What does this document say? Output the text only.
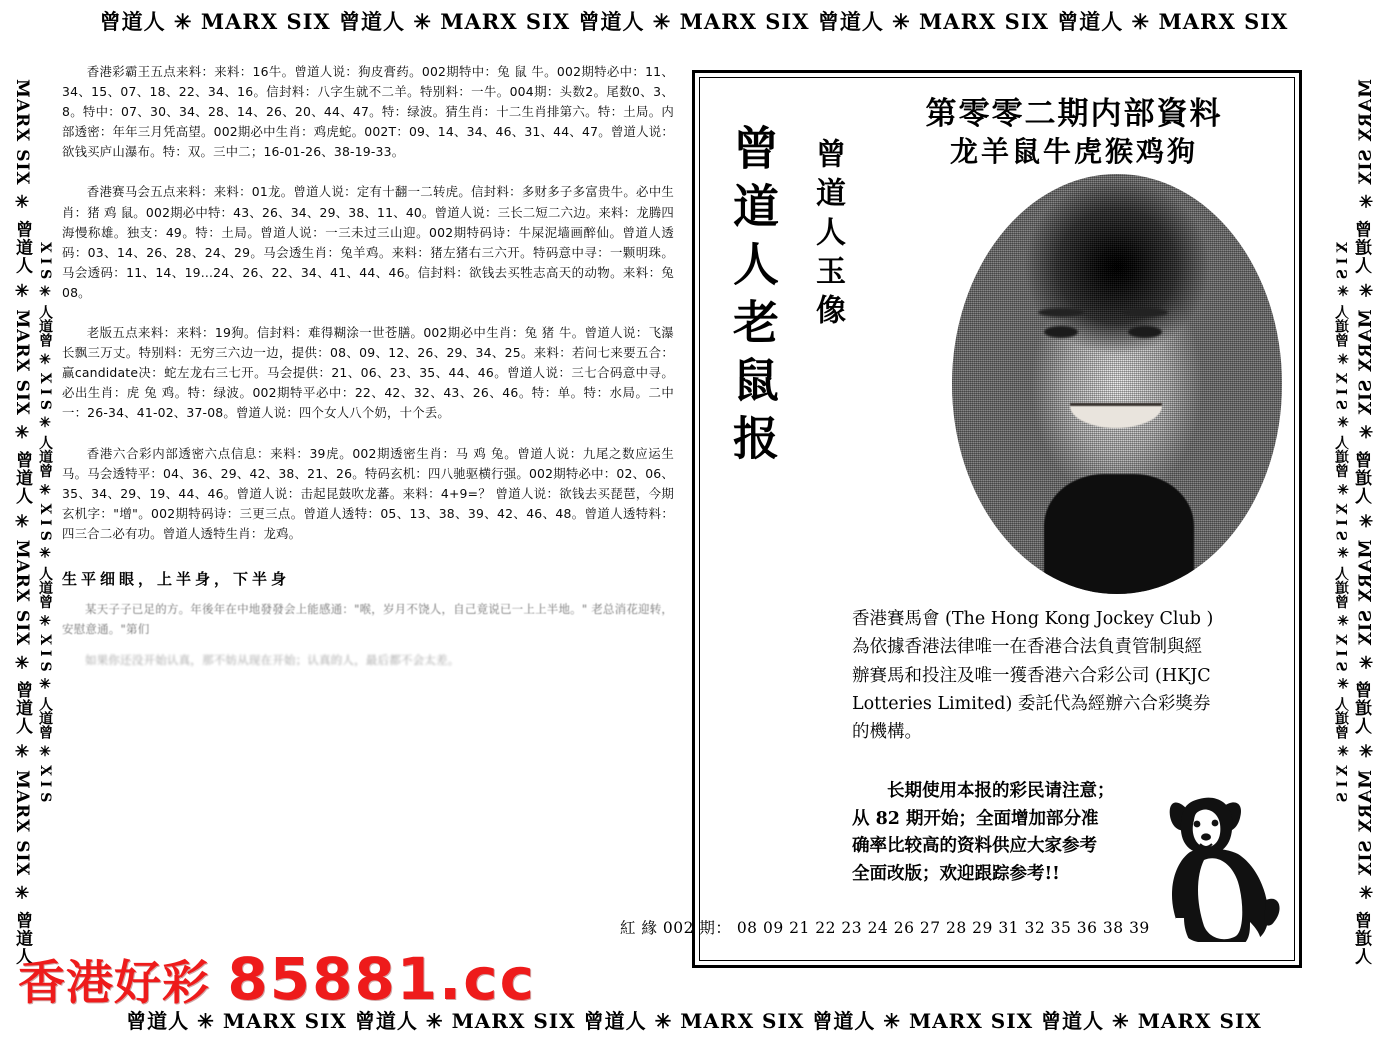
曾道人 ✳ MARX SIX 曾道人 ✳ MARX SIX 曾道人 ✳ MARX SIX 曾道人 ✳ MARX SIX 曾道人 ✳ MARX SIX
曾道人 ✳ MARX SIX 曾道人 ✳ MARX SIX 曾道人 ✳ MARX SIX 曾道人 ✳ MARX SIX 曾道人 ✳ MARX SIX
MARX SIX ✳ 曾道人 ✳ MARX SIX ✳ 曾道人 ✳ MARX SIX ✳ 曾道人 ✳ MARX SIX ✳ 曾道人	MARX SIX ✳ 曾道人 ✳ MARX SIX ✳ 曾道人 ✳ MARX SIX ✳ 曾道人 ✳ MARX SIX ✳ 曾道人
X I S ✳ 人道曾 ✳ X I S ✳ 人道曾 ✳ X I S ✳ 人道曾 ✳ X I S ✳ 人道曾 ✳ X I S	X I S ✳ 人道曾 ✳ X I S ✳ 人道曾 ✳ X I S ✳ 人道曾 ✳ X I S ✳ 人道曾 ✳ X I S

香港彩霸王五点来料：来料：16牛。曾道人说：狗皮膏药。002期特中：兔 鼠 牛。002期特必中：11、34、15、07、18、22、34、16。信封料：八字生就不二羊。特别料：一牛。004期：头数2。尾数0、3、8。特中：07、30、34、28、14、26、20、44、47。特：绿波。猜生肖：十二生肖排第六。特：土局。内部透密：年年三月凭高望。002期必中生肖：鸡虎蛇。002T：09、14、34、46、31、44、47。曾道人说：欲钱买庐山瀑布。特：双。三中二；16-01-26、38-19-33。

香港赛马会五点来料：来料：01龙。曾道人说：定有十翻一二转虎。信封料：多财多子多富贵牛。必中生肖：猪 鸡 鼠。002期必中特：43、26、34、29、38、11、40。曾道人说：三长二短二六边。来料：龙腾四海慢称雄。独支：49。特：土局。曾道人说：一三未过三山迎。002期特码诗：牛屎泥墙画醉仙。曾道人透码：03、14、26、28、24、29。马会透生肖：兔羊鸡。来料：猪左猪右三六开。特码意中寻：一颗明珠。马会透码：11、14、19...24、26、22、34、41、44、46。信封料：欲钱去买牲志高天的动物。来料：兔08。

老版五点来料：来料：19狗。信封料：难得糊涂一世苍膳。002期必中生肖：兔 猪 牛。曾道人说：飞瀑长飘三万丈。特别料：无穷三六边一边，提供：08、09、12、26、29、34、25。来料：若问七来要五合：赢candidate决：蛇左龙右三七开。马会提供：21、06、23、35、44、46。曾道人说：三七合码意中寻。必出生肖：虎 兔 鸡。特：绿波。002期特平必中：22、42、32、43、26、46。特：单。特：水局。二中一：26-34、41-02、37-08。曾道人说：四个女人八个奶，十个丢。

香港六合彩内部透密六点信息：来料：39虎。002期透密生肖：马 鸡 兔。曾道人说：九尾之数应运生马。马会透特平：04、36、29、42、38、21、26。特码玄机：四八驰驱横行强。002期特必中：02、06、35、34、29、19、44、46。曾道人说：击起昆鼓吹龙蕃。来料：4+9=？ 曾道人说：欲钱去买琵琶，今期玄机字："增"。002期特码诗：三更三点。曾道人透特：05、13、38、39、42、46、48。曾道人透特料：四三合二必有功。曾道人透特生肖：龙鸡。

生平细眼，上半身，下半身

某天子子已足的方。年後年在中地發發会上能感通："喉，岁月不饶人，自己竟说已一上上半地。" 老总消花迎转，安慰意通。"第们

如果你还没开始认真，那不妨从现在开始；认真的人，最后都不会太差。

曾道人老鼠报	曾道人玉像
第零零二期内部資料
龙羊鼠牛虎猴鸡狗

香港賽馬會 (The Hong Kong Jockey Club )

為依據香港法律唯一在香港合法負責管制與經

辦賽馬和投注及唯一獲香港六合彩公司 (HKJC

Lotteries Limited) 委託代為經辦六合彩獎券

的機構。

长期使用本报的彩民请注意；

从 82 期开始；全面增加部分准

确率比较高的资料供应大家参考

全面改版；欢迎跟踪参考!!

紅 緣 002 期： 08 09 21 22 23 24 26 27 28 29 31 32 35 36 38 39
香港好彩 85881.cc
